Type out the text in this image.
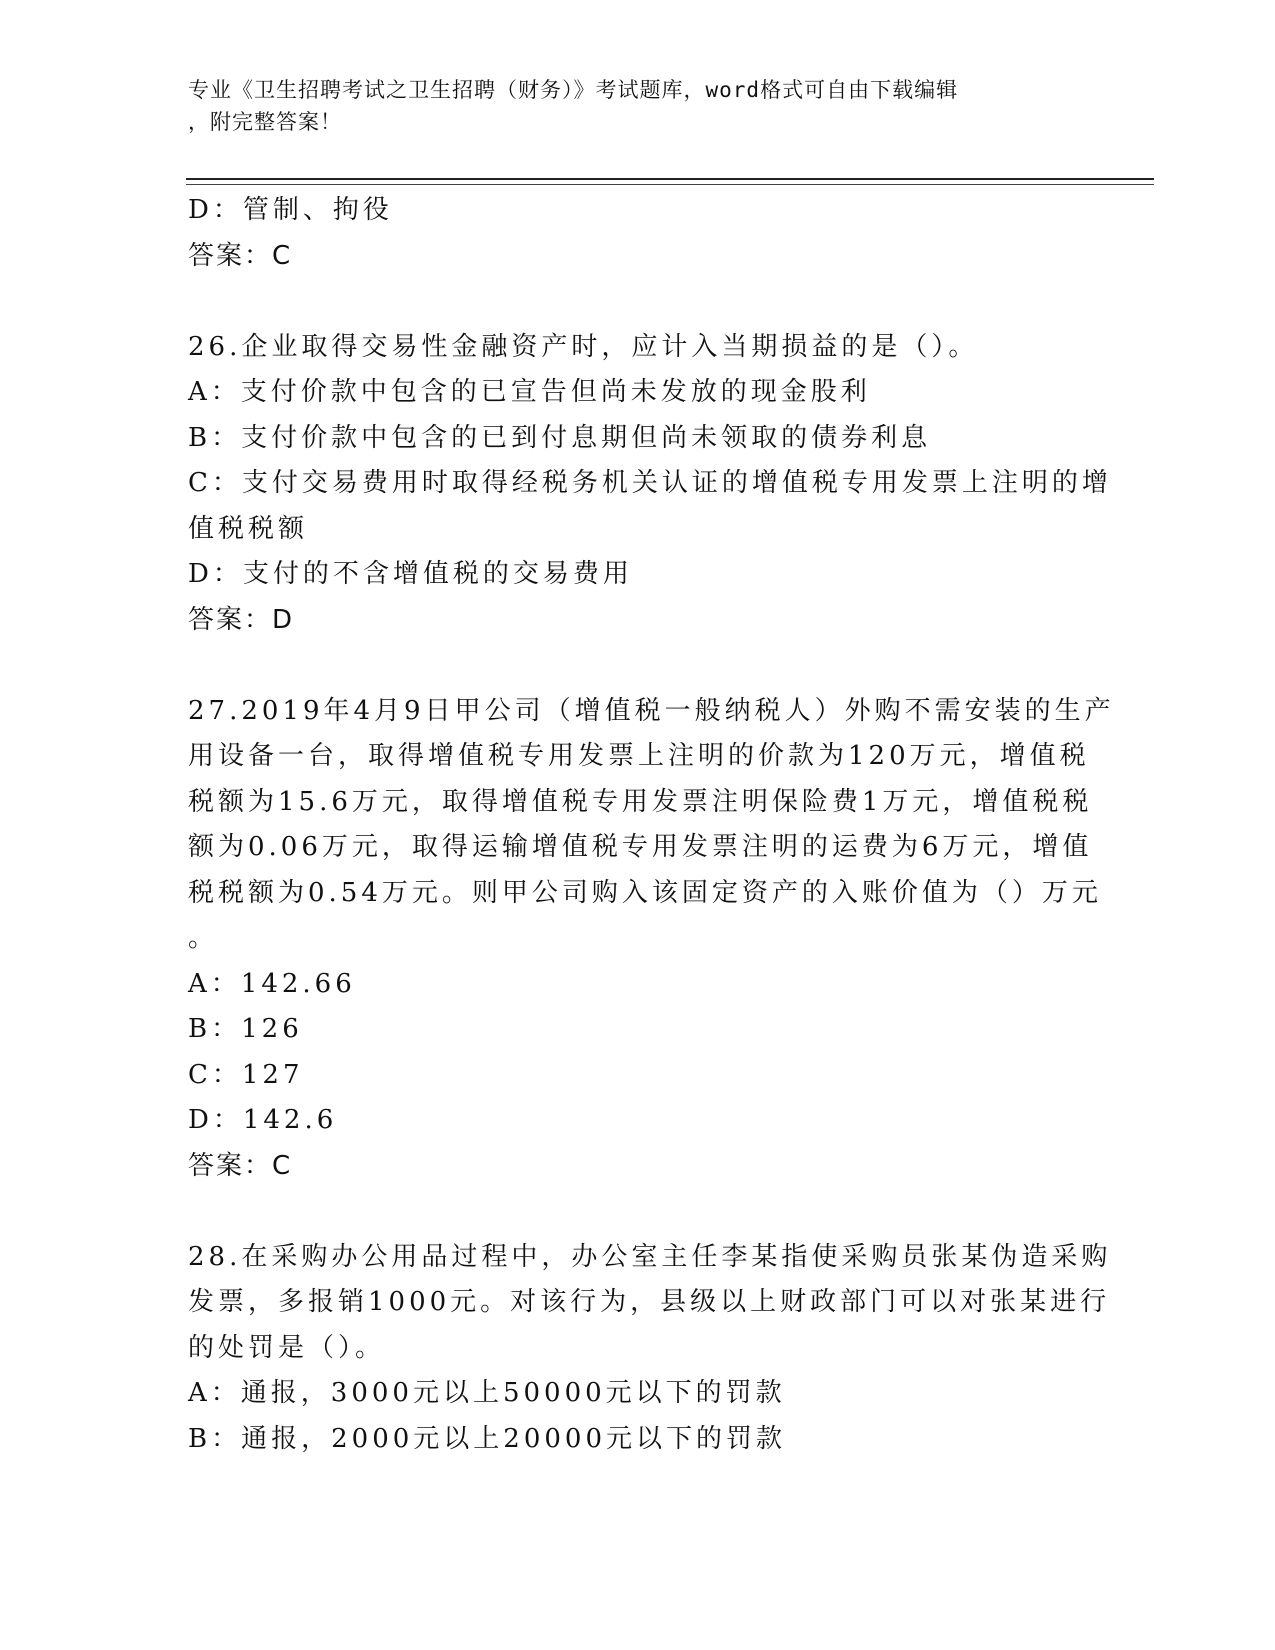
专业《卫生招聘考试之卫生招聘（财务）》考试题库，word格式可自由下载编辑
，附完整答案！
D：管制、拘役
答案：C
26.企业取得交易性金融资产时，应计入当期损益的是（）。
A：支付价款中包含的已宣告但尚未发放的现金股利
B：支付价款中包含的已到付息期但尚未领取的债券利息
C：支付交易费用时取得经税务机关认证的增值税专用发票上注明的增
值税税额
D：支付的不含增值税的交易费用
答案：D
27.2019年4月9日甲公司（增值税一般纳税人）外购不需安装的生产
用设备一台，取得增值税专用发票上注明的价款为120万元，增值税
税额为15.6万元，取得增值税专用发票注明保险费1万元，增值税税
额为0.06万元，取得运输增值税专用发票注明的运费为6万元，增值
税税额为0.54万元。则甲公司购入该固定资产的入账价值为（）万元
。
A：142.66
B：126
C：127
D：142.6
答案：C
28.在采购办公用品过程中，办公室主任李某指使采购员张某伪造采购
发票，多报销1000元。对该行为，县级以上财政部门可以对张某进行
的处罚是（）。
A：通报，3000元以上50000元以下的罚款
B：通报，2000元以上20000元以下的罚款
